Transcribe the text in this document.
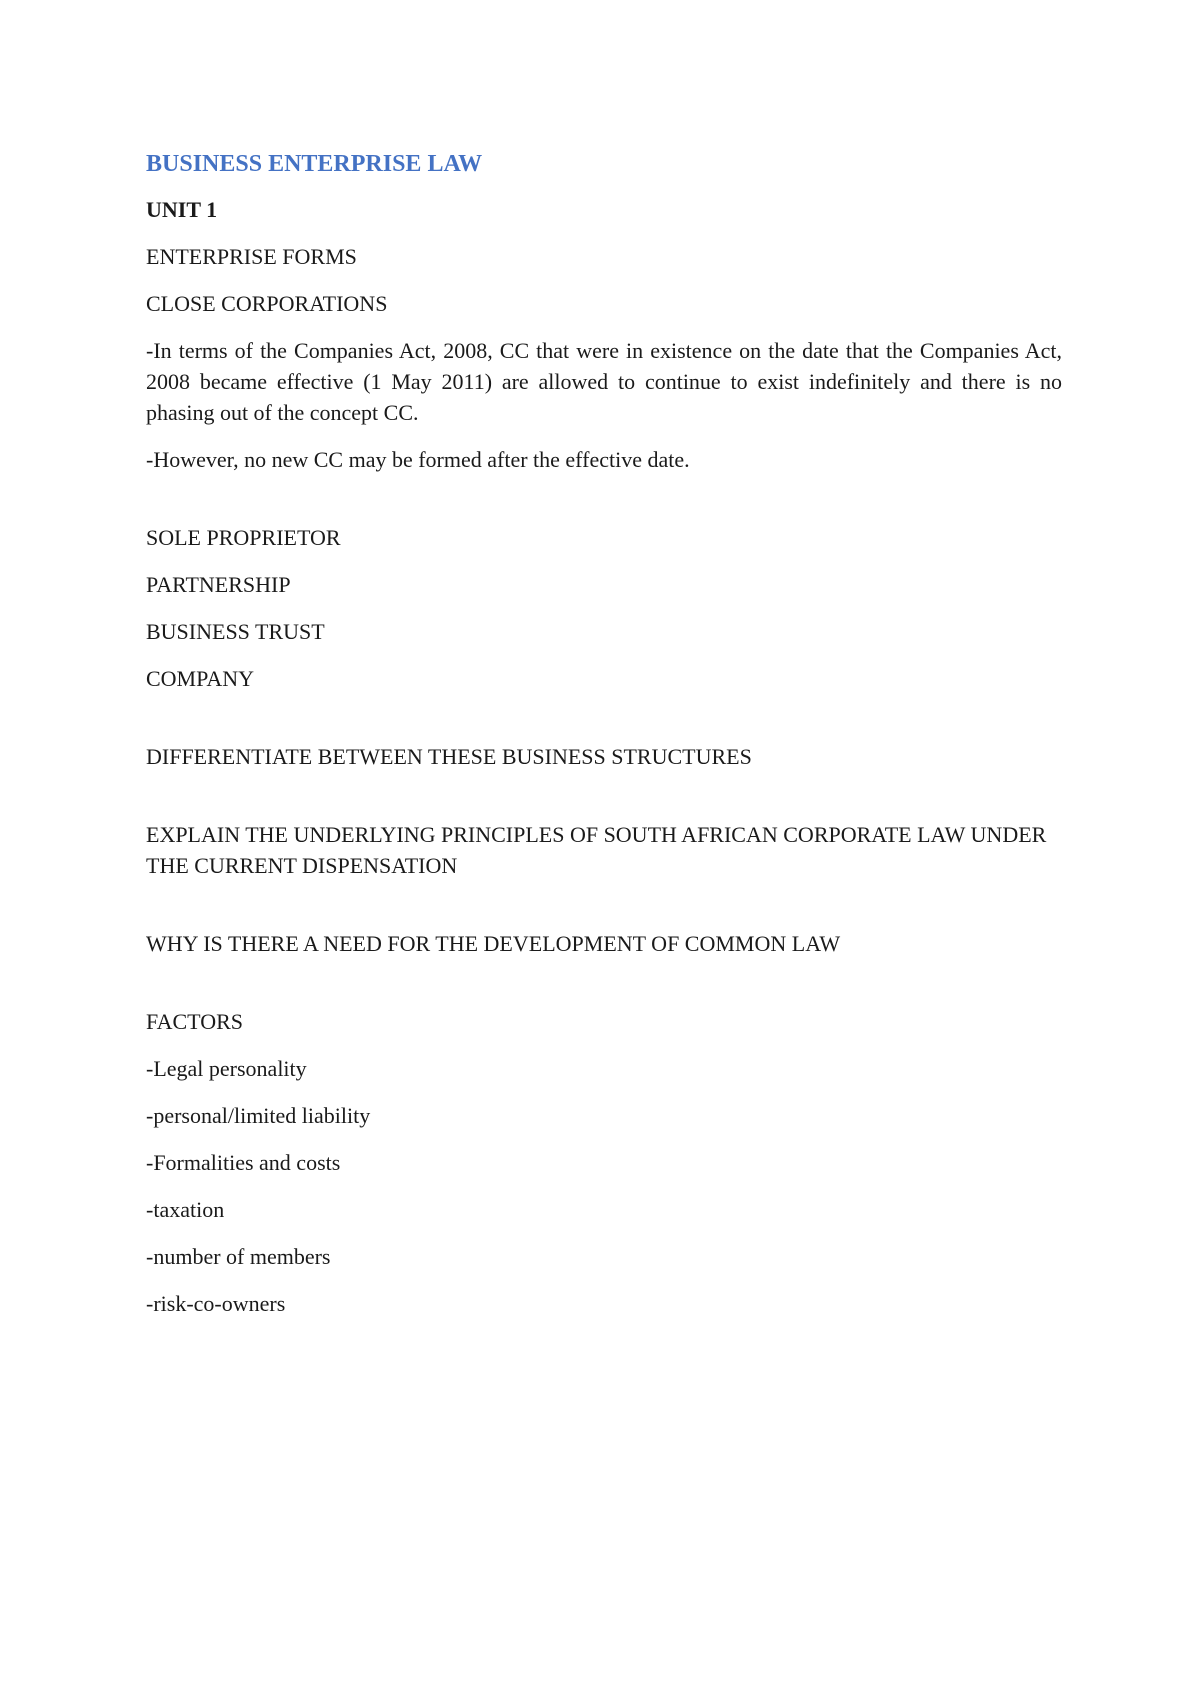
BUSINESS ENTERPRISE LAW
UNIT 1
ENTERPRISE FORMS
CLOSE CORPORATIONS
-In terms of the Companies Act, 2008, CC that were in existence on the date that the Companies Act, 2008 became effective (1 May 2011) are allowed to continue to exist indefinitely and there is no phasing out of the concept CC.
-However, no new CC may be formed after the effective date.
SOLE PROPRIETOR
PARTNERSHIP
BUSINESS TRUST
COMPANY
DIFFERENTIATE BETWEEN THESE BUSINESS STRUCTURES
EXPLAIN THE UNDERLYING PRINCIPLES OF SOUTH AFRICAN CORPORATE LAW UNDER THE CURRENT DISPENSATION
WHY IS THERE A NEED FOR THE DEVELOPMENT OF COMMON LAW
FACTORS
-Legal personality
-personal/limited liability
-Formalities and costs
-taxation
-number of members
-risk-co-owners
